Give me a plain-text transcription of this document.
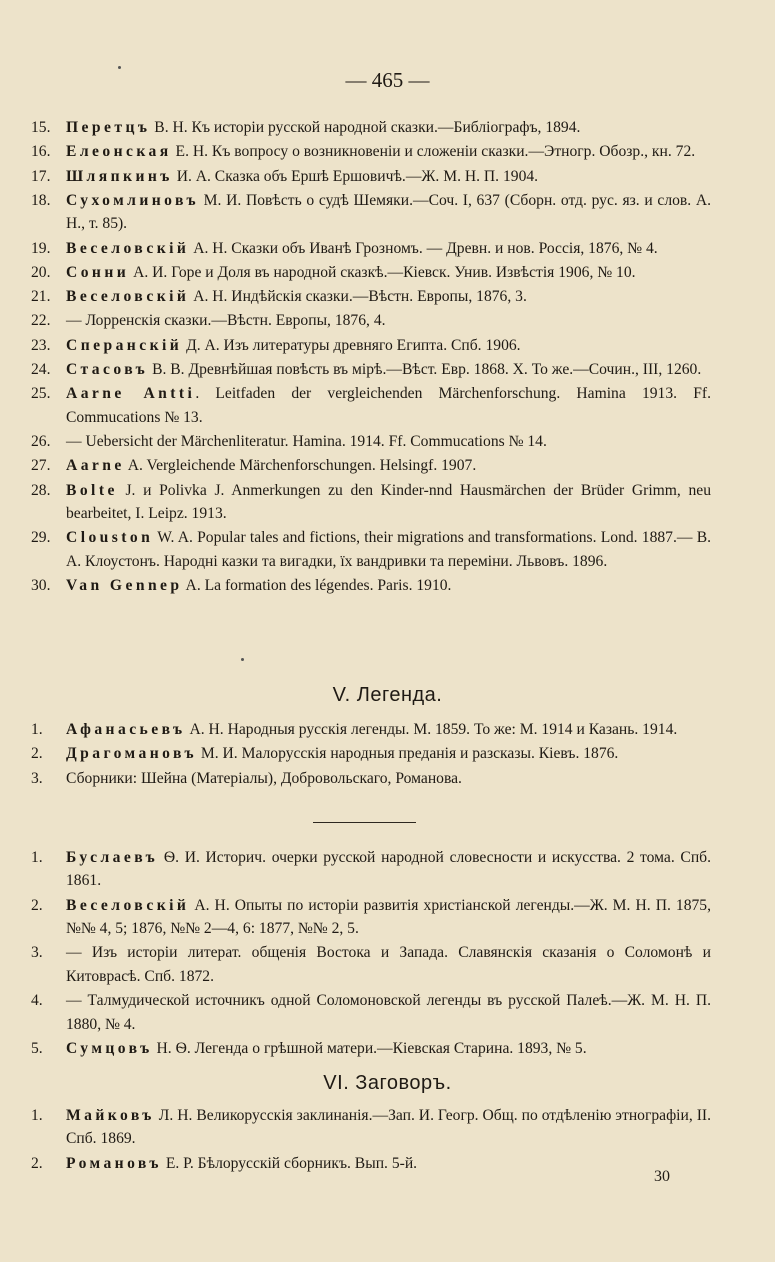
— 465 —
15. Перетцъ В. Н. Къ исторіи русской народной сказки.—Библіографъ, 1894.
16. Елеонская Е. Н. Къ вопросу о возникновеніи и сложеніи сказки.—Этногр. Обозр., кн. 72.
17. Шляпкинъ И. А. Сказка объ Ершѣ Ершовичѣ.—Ж. М. Н. П. 1904.
18. Сухомлиновъ М. И. Повѣсть о судѣ Шемяки.—Соч. I, 637 (Сборн. отд. рус. яз. и слов. А. Н., т. 85).
19. Веселовскій А. Н. Сказки объ Иванѣ Грозномъ. — Древн. и нов. Россія, 1876, № 4.
20. Сонни А. И. Горе и Доля въ народной сказкѣ.—Кіевск. Унив. Извѣстія 1906, № 10.
21. Веселовскій А. Н. Индѣйскія сказки.—Вѣстн. Европы, 1876, 3.
22. — Лорренскія сказки.—Вѣстн. Европы, 1876, 4.
23. Сперанскій Д. А. Изъ литературы древняго Египта. Спб. 1906.
24. Стасовъ В. В. Древнѣйшая повѣсть въ мірѣ.—Вѣст. Евр. 1868. X. То же.—Сочин., III, 1260.
25. Aarne Antti. Leitfaden der vergleichenden Märchenforschung. Hamina 1913. Ff. Commucations № 13.
26. — Uebersicht der Märchenliteratur. Hamina. 1914. Ff. Commucations № 14.
27. Aarne A. Vergleichende Märchenforschungen. Helsingf. 1907.
28. Bolte J. и Polivka J. Anmerkungen zu den Kinder-nnd Hausmärchen der Brüder Grimm, neu bearbeitet, I. Leipz. 1913.
29. Clouston W. A. Popular tales and fictions, their migrations and transformations. Lond. 1887.— В. А. Клоустонъ. Народні казки та вигадки, їх вандривки та переміни. Львовъ. 1896.
30. Van Gennep A. La formation des légendes. Paris. 1910.
V. Легенда.
1.	Афанасьевъ А. Н. Народныя русскія легенды. М. 1859. То же: М. 1914 и Казань. 1914.
2.	Драгомановъ М. И. Малорусскія народныя преданія и разсказы. Кіевъ. 1876.
3.	Сборники: Шейна (Матеріалы), Добровольскаго, Романова.
1.	Буслаевъ Ѳ. И. Историч. очерки русской народной словесности и искусства. 2 тома. Спб. 1861.
2.	Веселовскій А. Н. Опыты по исторіи развитія христіанской легенды.—Ж. М. Н. П. 1875, №№ 4, 5; 1876, №№ 2—4, 6: 1877, №№ 2, 5.
3.	— Изъ исторіи литерат. общенія Востока и Запада. Славянскія сказанія о Соломонѣ и Китоврасѣ. Спб. 1872.
4.	— Талмудической источникъ одной Соломоновской легенды въ русской Палеѣ.—Ж. М. Н. П. 1880, № 4.
5.	Сумцовъ Н. Ѳ. Легенда о грѣшной матери.—Кіевская Старина. 1893, № 5.
VI. Заговоръ.
1.	Майковъ Л. Н. Великорусскія заклинанія.—Зап. И. Геогр. Общ. по отдѣленію этнографіи, II. Спб. 1869.
2.	Романовъ Е. Р. Бѣлорусскій сборникъ. Вып. 5-й.
30
